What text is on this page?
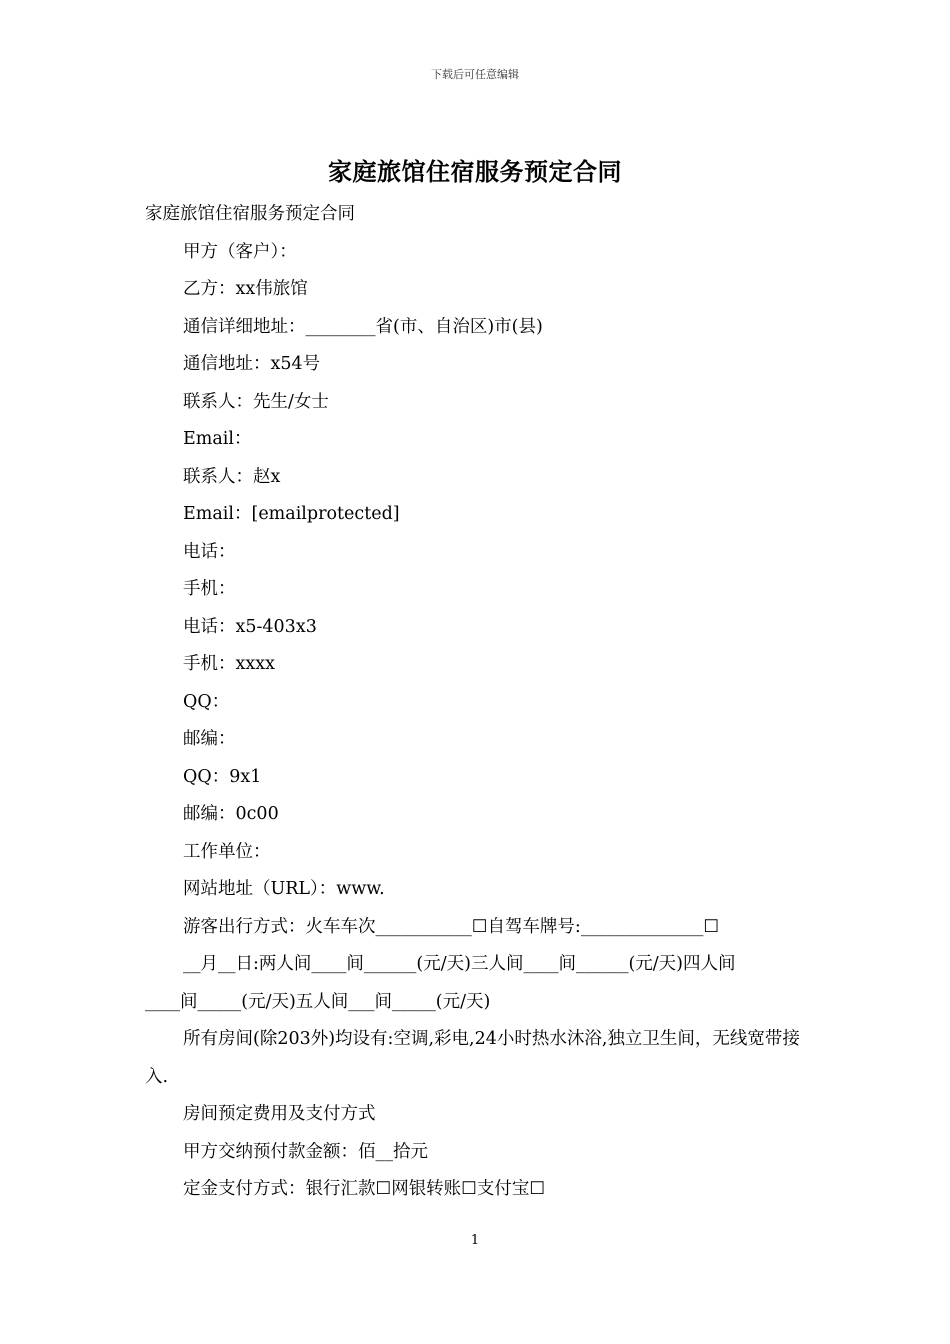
下载后可任意编辑
家庭旅馆住宿服务预定合同
家庭旅馆住宿服务预定合同
甲方（客户）：
乙方：xx伟旅馆
通信详细地址：________省(市、自治区)市(县)
通信地址：x54号
联系人：先生/女士
Email：
联系人：赵x
Email：[emailprotected]
电话：
手机：
电话：x5-403x3
手机：xxxx
QQ：
邮编：
QQ：9x1
邮编：0c00
工作单位：
网站地址（URL）：www.
游客出行方式：火车车次___________☐自驾车牌号:______________☐
__月__日:两人间____间______(元/天)三人间____间______(元/天)四人间
____间_____(元/天)五人间___间_____(元/天)
所有房间(除203外)均设有:空调,彩电,24小时热水沐浴,独立卫生间，无线宽带接入.
房间预定费用及支付方式
甲方交纳预付款金额：佰__拾元
定金支付方式：银行汇款☐网银转账☐支付宝☐
1
